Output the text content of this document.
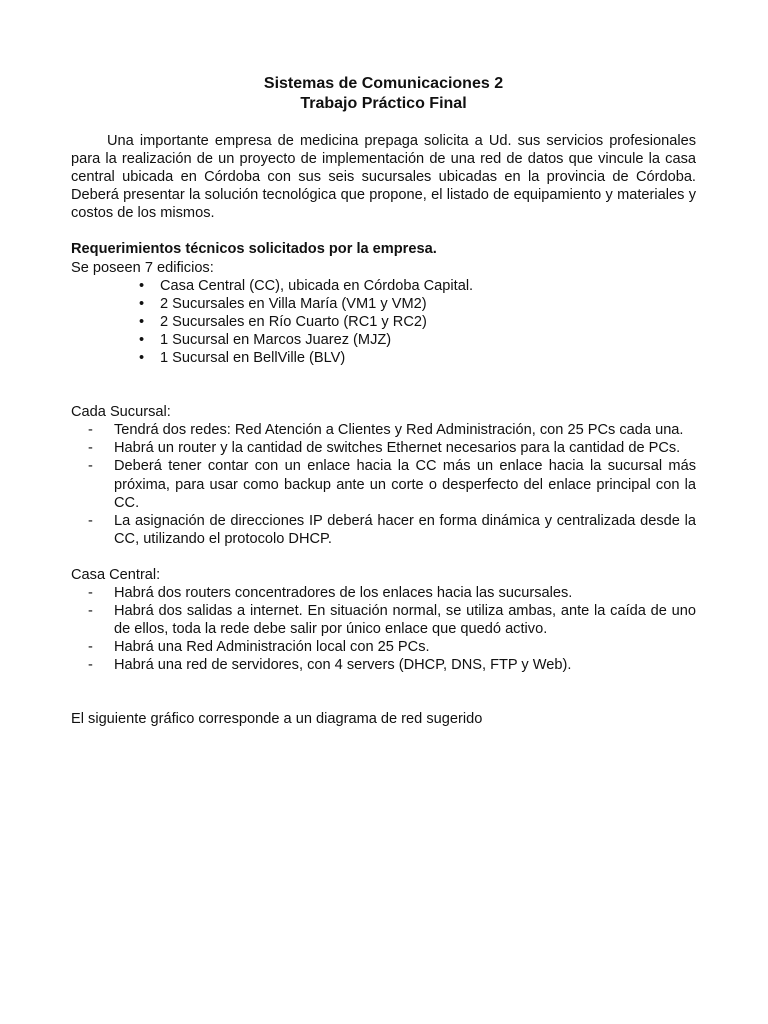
Sistemas de Comunicaciones 2
Trabajo Práctico Final

Una importante empresa de medicina prepaga solicita a Ud. sus servicios profesionales para la realización de un proyecto de implementación de una red de datos que vincule la casa central ubicada en Córdoba con sus seis sucursales ubicadas en la provincia de Córdoba. Deberá presentar la solución tecnológica que propone, el listado de equipamiento y materiales y costos de los mismos.

Requerimientos técnicos solicitados por la empresa.

Se poseen 7 edificios:

• Casa Central (CC), ubicada en Córdoba Capital.
• 2 Sucursales en Villa María (VM1 y VM2)
• 2 Sucursales en Río Cuarto (RC1 y RC2)
• 1 Sucursal en Marcos Juarez (MJZ)
• 1 Sucursal en BellVille (BLV)

Cada Sucursal:

- Tendrá dos redes: Red Atención a Clientes y Red Administración, con 25 PCs cada una.
- Habrá un router y la cantidad de switches Ethernet necesarios para la cantidad de PCs.
- Deberá tener contar con un enlace hacia la CC más un enlace hacia la sucursal más próxima, para usar como backup ante un corte o desperfecto del enlace principal con la CC.
- La asignación de direcciones IP deberá hacer en forma dinámica y centralizada desde la CC, utilizando el protocolo DHCP.

Casa Central:

- Habrá dos routers concentradores de los enlaces hacia las sucursales.
- Habrá dos salidas a internet. En situación normal, se utiliza ambas, ante la caída de uno de ellos, toda la rede debe salir por único enlace que quedó activo.
- Habrá una Red Administración local con 25 PCs.
- Habrá una red de servidores, con 4 servers (DHCP, DNS, FTP y Web).

El siguiente gráfico corresponde a un diagrama de red sugerido
